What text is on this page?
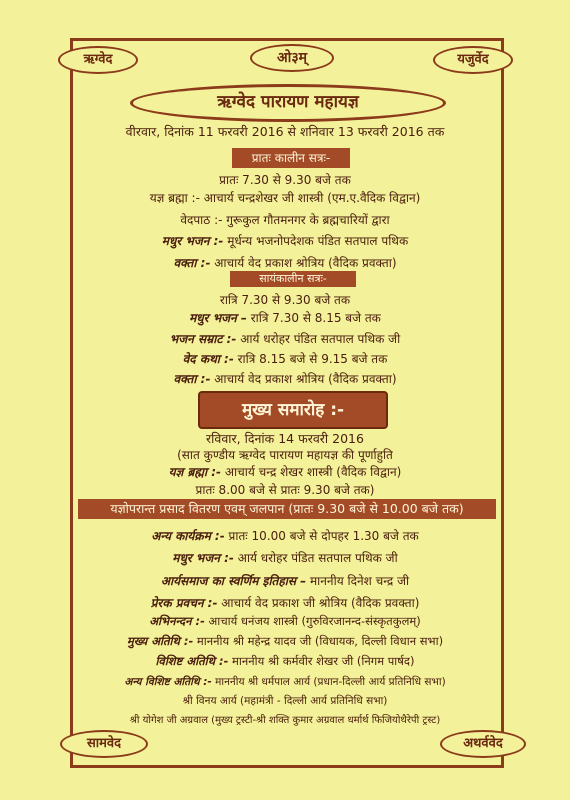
ऋग्वेद	ओ३म्	यजुर्वेद
ऋग्वेद पारायण महायज्ञ
वीरवार, दिनांक 11 फरवरी 2016 से शनिवार 13 फरवरी 2016 तक
प्रातः कालीन सत्रः-
प्रातः 7.30 से 9.30 बजे तक
यज्ञ ब्रह्मा :- आचार्य चन्द्रशेखर जी शास्त्री (एम.ए.वैदिक विद्वान)
वेदपाठ :- गुरूकुल गौतमनगर के ब्रह्मचारियों द्वारा
मधुर भजन :- मूर्धन्य भजनोपदेशक पंडित सतपाल पथिक
वक्ता :- आचार्य वेद प्रकाश श्रोत्रिय (वैदिक प्रवक्ता)
सायंकालीन सत्रः-
रात्रि 7.30 से 9.30 बजे तक
मधुर भजन – रात्रि 7.30 से 8.15 बजे तक
भजन सम्राट :- आर्य धरोहर पंडित सतपाल पथिक जी
वेद कथा :- रात्रि 8.15 बजे से 9.15 बजे तक
वक्ता :- आचार्य वेद प्रकाश श्रोत्रिय (वैदिक प्रवक्ता)
मुख्य समारोह :-
रविवार, दिनांक 14 फरवरी 2016
(सात कुण्डीय ऋग्वेद पारायण महायज्ञ की पूर्णाहुति
यज्ञ ब्रह्मा :- आचार्य चन्द्र शेखर शास्त्री (वैदिक विद्वान)
प्रातः 8.00 बजे से प्रातः 9.30 बजे तक)
यज्ञोपरान्त प्रसाद वितरण एवम् जलपान (प्रातः 9.30 बजे से 10.00 बजे तक)
अन्य कार्यक्रम :- प्रातः 10.00 बजे से दोपहर 1.30 बजे तक
मधुर भजन :- आर्य धरोहर पंडित सतपाल पथिक जी
आर्यसमाज का स्वर्णिम इतिहास – माननीय दिनेश चन्द्र जी
प्रेरक प्रवचन :- आचार्य वेद प्रकाश जी श्रोत्रिय (वैदिक प्रवक्ता)
अभिनन्दन :- आचार्य धनंजय शास्त्री (गुरुविरजानन्द-संस्कृतकुलम्)
मुख्य अतिथि :- माननीय श्री महेन्द्र यादव जी (विधायक, दिल्ली विधान सभा)
विशिष्ट अतिथि :- माननीय श्री कर्मवीर शेखर जी (निगम पार्षद)
अन्य विशिष्ट अतिथि :- माननीय श्री धर्मपाल आर्य (प्रधान-दिल्ली आर्य प्रतिनिधि सभा)
श्री विनय आर्य (महामंत्री - दिल्ली आर्य प्रतिनिधि सभा)
श्री योगेश जी अग्रवाल (मुख्य ट्रस्टी-श्री शक्ति कुमार अग्रवाल धर्मार्थ फिजियोथैरेपी ट्रस्ट)
सामवेद	अथर्ववेद
